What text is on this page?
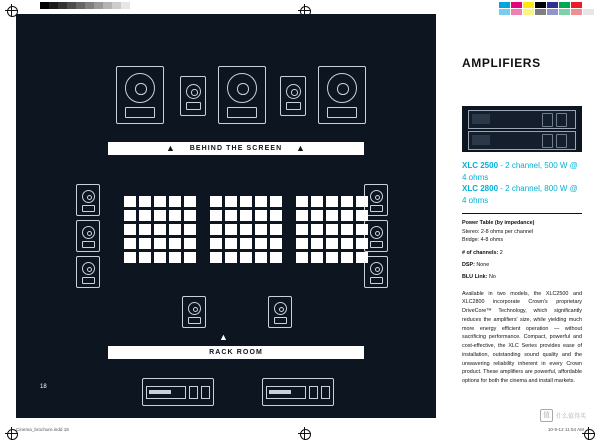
▲ BEHIND THE SCREEN ▲
RACK ROOM
▲
18
AMPLIFIERS
XLC 2500 - 2 channel, 500 W @ 4 ohms
XLC 2800 - 2 channel, 800 W @ 4 ohms
Power Table (by impedance)
Stereo: 2-8 ohms per channel
Bridge: 4-8 ohms
# of channels: 2
DSP: None
BLU Link: No
Available in two models, the XLC2500 and XLC2800 incorporate Crown's proprietary DriveCore™ Technology, which significantly reduces the amplifiers' size, while yielding much more energy efficient operation — without sacrificing performance. Compact, powerful and cost-effective, the XLC Series provides ease of installation, outstanding sound quality and the unwavering reliability inherent in every Crown product. These amplifiers are powerful, affordable options for both the cinema and install markets.
Cinema_brochure.indd 18	10-9-12 11:54 AM
值	什么值得买
